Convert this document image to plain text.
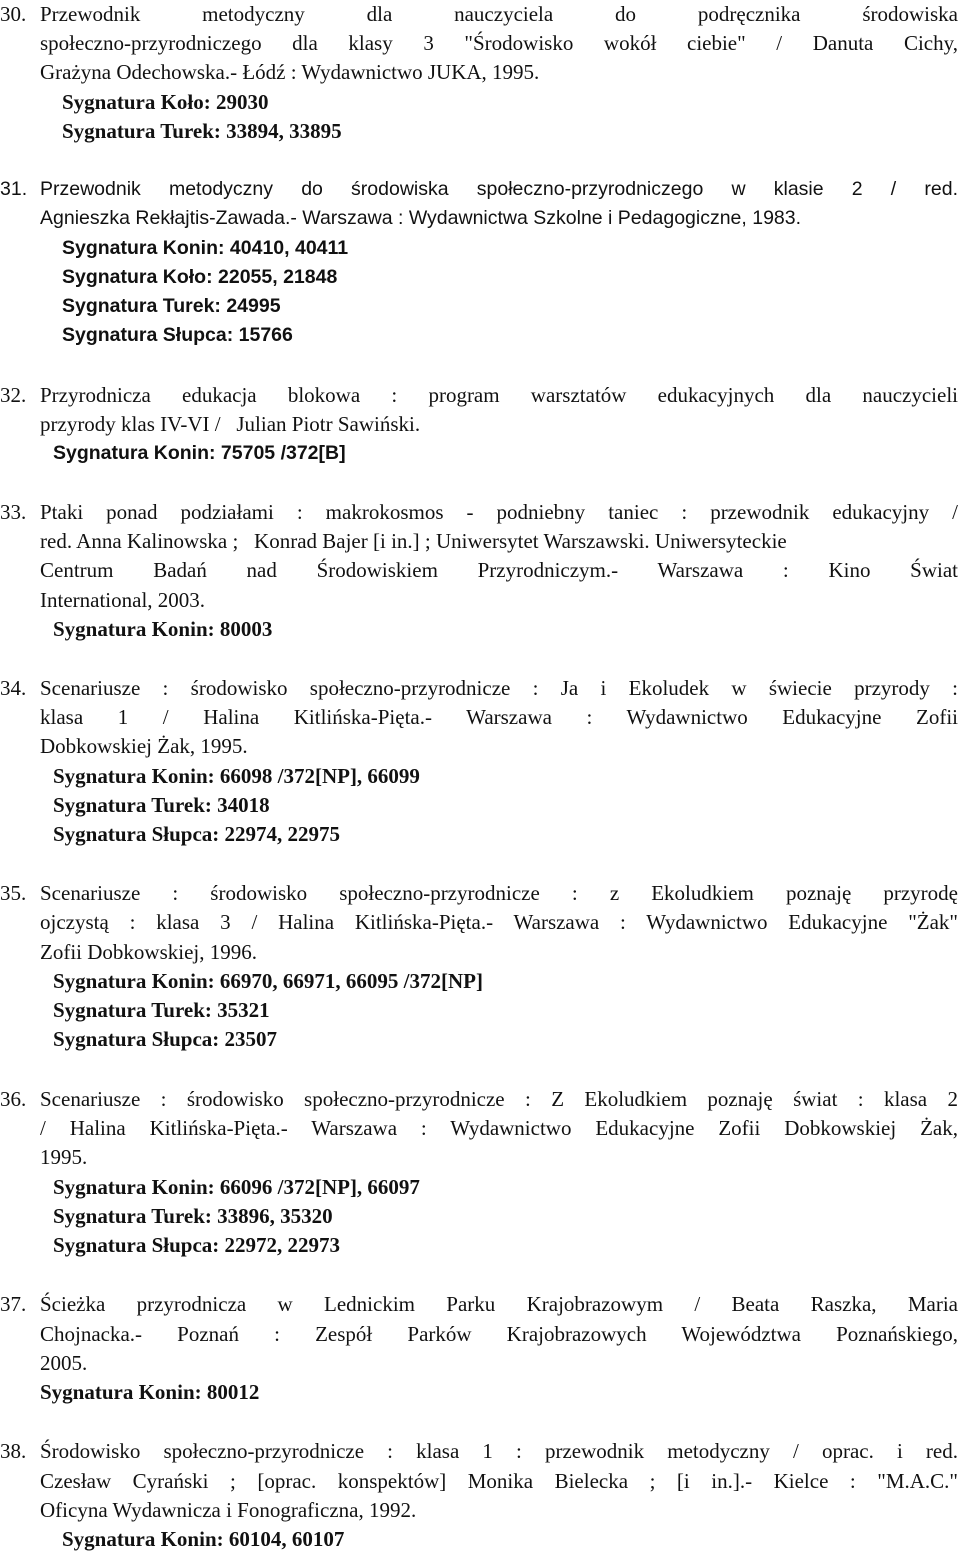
30. Przewodnik metodyczny dla nauczyciela do podręcznika środowiska
społeczno-przyrodniczego dla klasy 3 "Środowisko wokół ciebie" / Danuta Cichy,
Grażyna Odechowska.- Łódź : Wydawnictwo JUKA, 1995.
Sygnatura Koło: 29030
Sygnatura Turek: 33894, 33895
31. Przewodnik metodyczny do środowiska społeczno-przyrodniczego w klasie 2 / red.
Agnieszka Rekłajtis-Zawada.- Warszawa : Wydawnictwa Szkolne i Pedagogiczne, 1983.
Sygnatura Konin: 40410, 40411
Sygnatura Koło: 22055, 21848
Sygnatura Turek: 24995
Sygnatura Słupca: 15766
32. Przyrodnicza edukacja blokowa : program warsztatów edukacyjnych dla nauczycieli
przyrody klas IV-VI /   Julian Piotr Sawiński.
Sygnatura Konin: 75705 /372[B]
33. Ptaki ponad podziałami : makrokosmos - podniebny taniec : przewodnik edukacyjny /
red. Anna Kalinowska ;   Konrad Bajer [i in.] ; Uniwersytet Warszawski. Uniwersyteckie
Centrum Badań nad Środowiskiem Przyrodniczym.- Warszawa : Kino Świat
International, 2003.
Sygnatura Konin: 80003
34. Scenariusze : środowisko społeczno-przyrodnicze : Ja i Ekoludek w świecie przyrody :
klasa 1 / Halina Kitlińska-Pięta.- Warszawa : Wydawnictwo Edukacyjne Zofii
Dobkowskiej Żak, 1995.
Sygnatura Konin: 66098 /372[NP], 66099
Sygnatura Turek: 34018
Sygnatura Słupca: 22974, 22975
35. Scenariusze : środowisko społeczno-przyrodnicze : z Ekoludkiem poznaję przyrodę
ojczystą : klasa 3 / Halina Kitlińska-Pięta.- Warszawa : Wydawnictwo Edukacyjne "Żak"
Zofii Dobkowskiej, 1996.
Sygnatura Konin: 66970, 66971, 66095 /372[NP]
Sygnatura Turek: 35321
Sygnatura Słupca: 23507
36. Scenariusze : środowisko społeczno-przyrodnicze : Z Ekoludkiem poznaję świat : klasa 2
/ Halina Kitlińska-Pięta.- Warszawa : Wydawnictwo Edukacyjne Zofii Dobkowskiej Żak,
1995.
Sygnatura Konin: 66096 /372[NP], 66097
Sygnatura Turek: 33896, 35320
Sygnatura Słupca: 22972, 22973
37. Ścieżka przyrodnicza w Lednickim Parku Krajobrazowym / Beata Raszka, Maria
Chojnacka.- Poznań : Zespół Parków Krajobrazowych Województwa Poznańskiego,
2005.
Sygnatura Konin: 80012
38. Środowisko społeczno-przyrodnicze : klasa 1 : przewodnik metodyczny / oprac. i red.
Czesław Cyrański ; [oprac. konspektów] Monika Bielecka ; [i in.].- Kielce : "M.A.C."
Oficyna Wydawnicza i Fonograficzna, 1992.
Sygnatura Konin: 60104, 60107
